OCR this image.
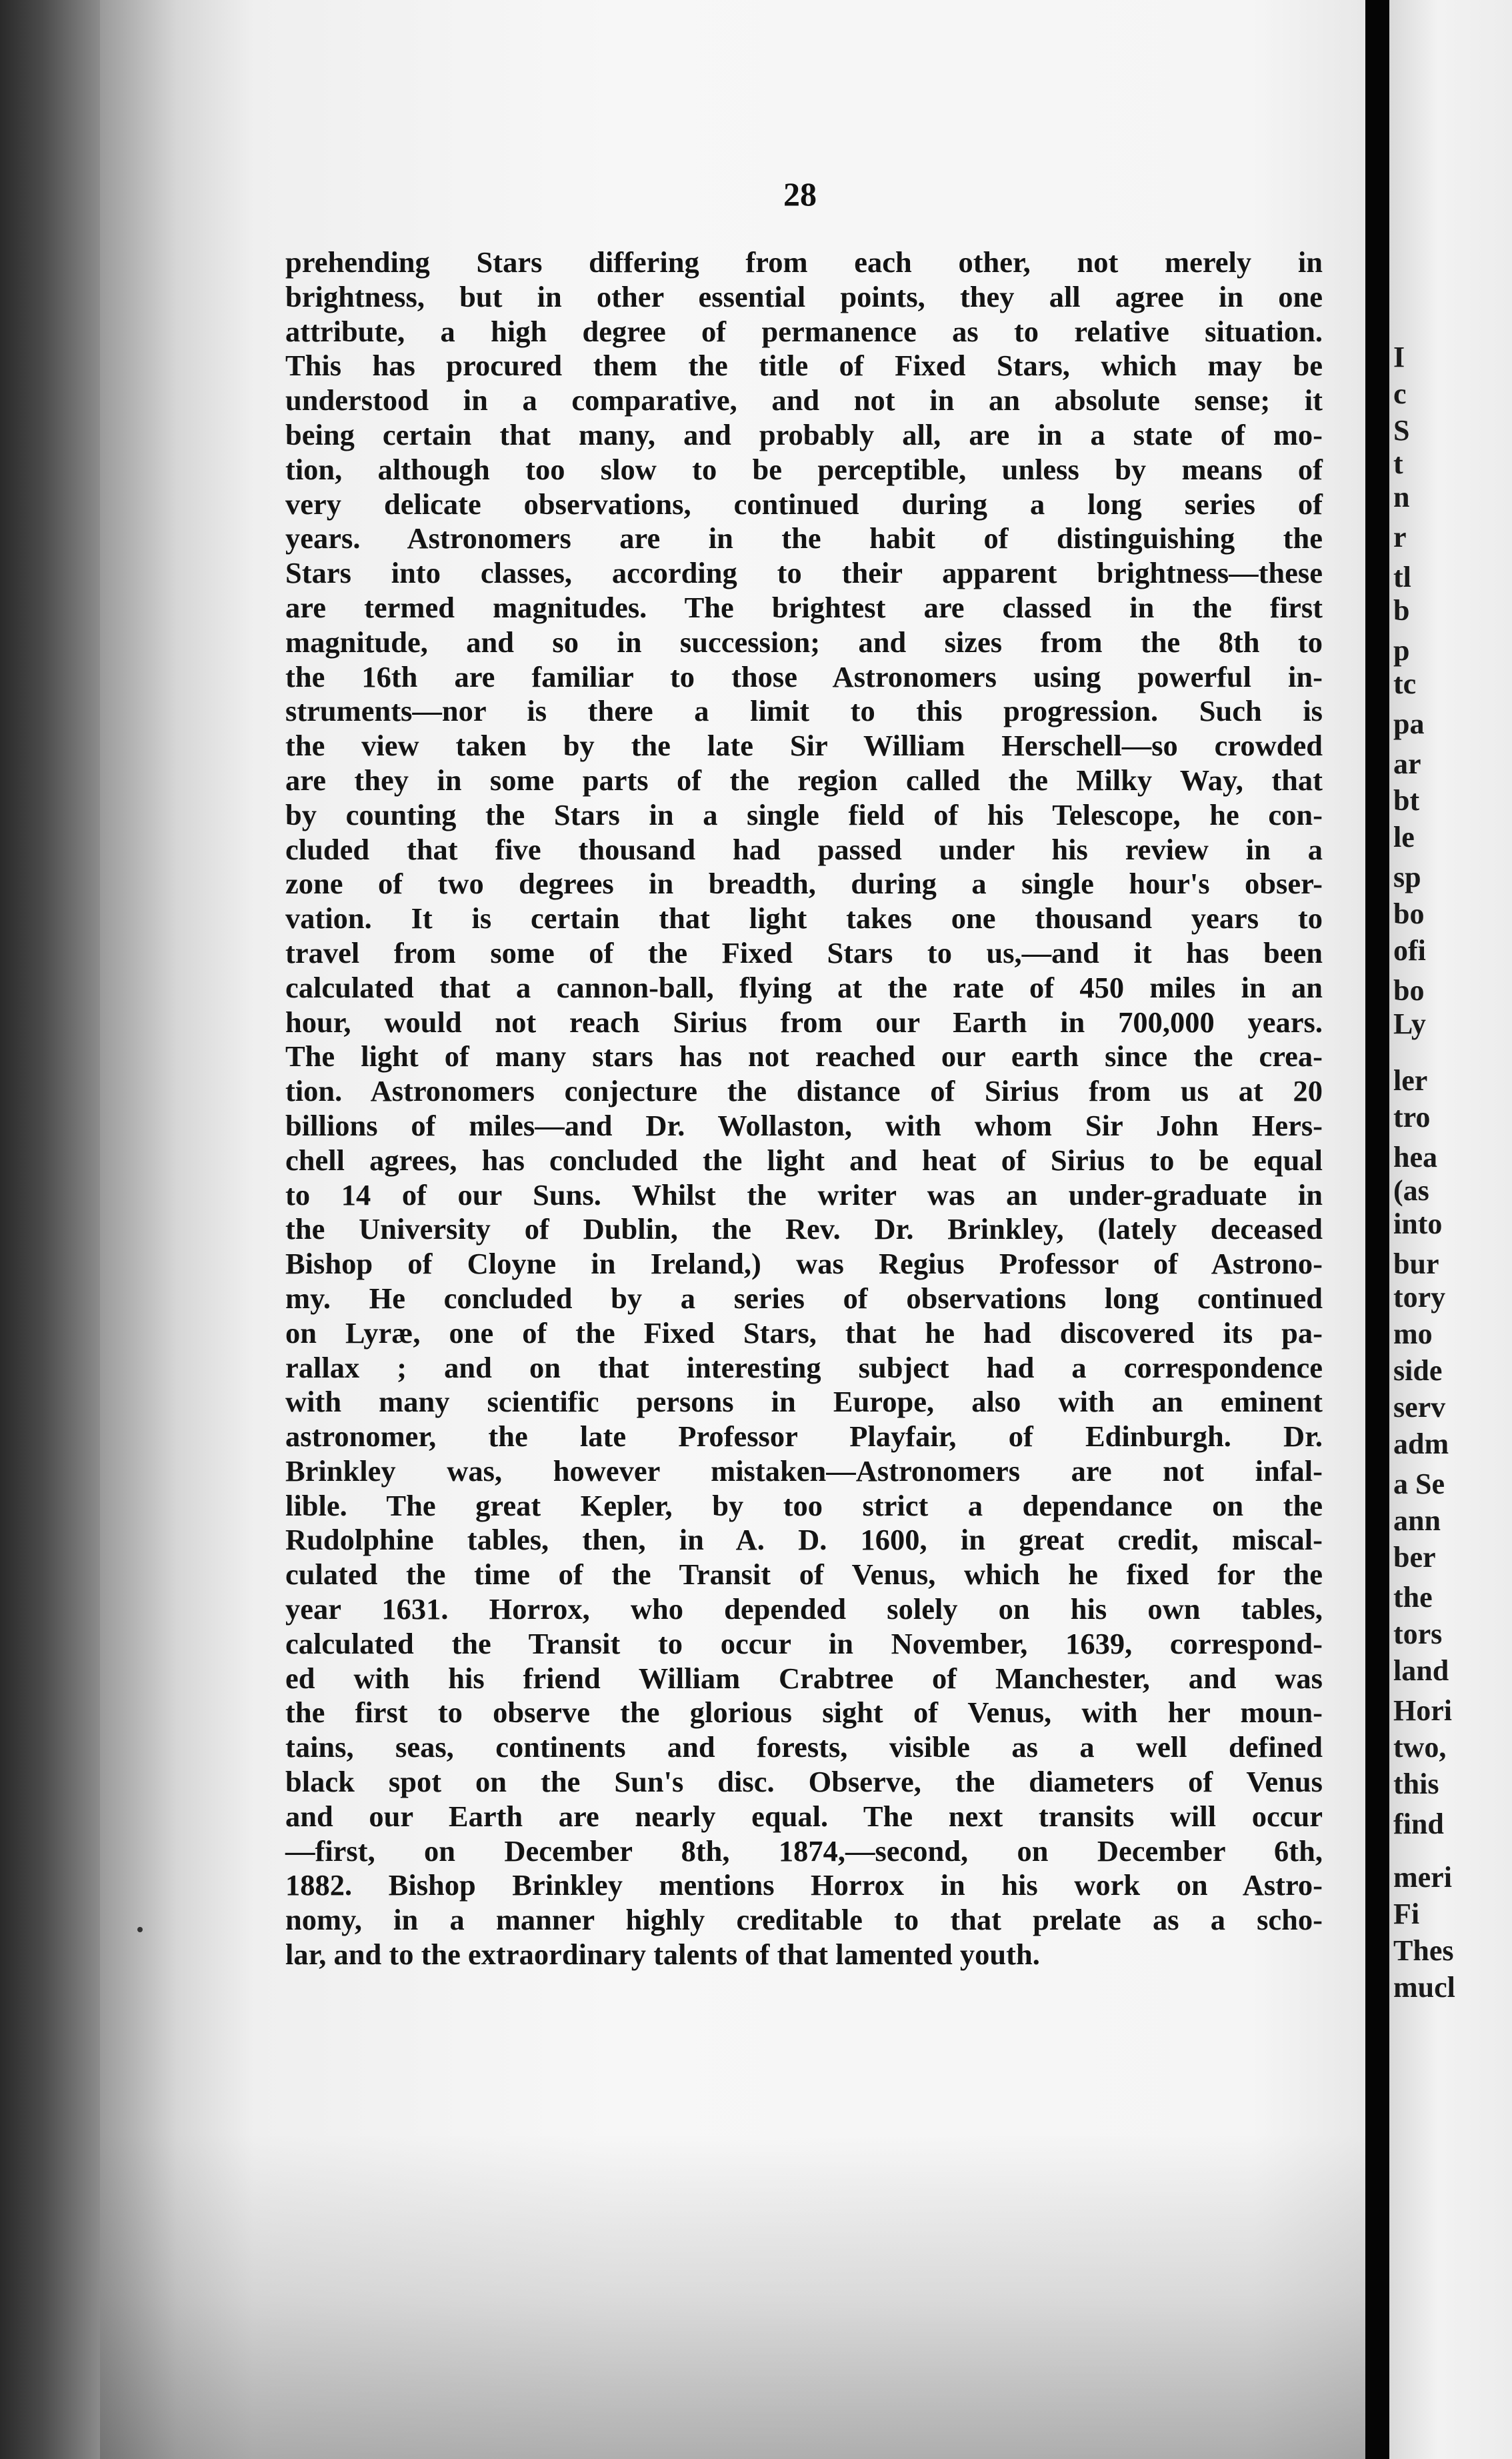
28
prehending Stars differing from each other, not merely in
brightness, but in other essential points, they all agree in one
attribute, a high degree of permanence as to relative situation.
This has procured them the title of Fixed Stars, which may be
understood in a comparative, and not in an absolute sense; it
being certain that many, and probably all, are in a state of mo-
tion, although too slow to be perceptible, unless by means of
very delicate observations, continued during a long series of
years. Astronomers are in the habit of distinguishing the
Stars into classes, according to their apparent brightness—these
are termed magnitudes. The brightest are classed in the first
magnitude, and so in succession; and sizes from the 8th to
the 16th are familiar to those Astronomers using powerful in-
struments—nor is there a limit to this progression. Such is
the view taken by the late Sir William Herschell—so crowded
are they in some parts of the region called the Milky Way, that
by counting the Stars in a single field of his Telescope, he con-
cluded that five thousand had passed under his review in a
zone of two degrees in breadth, during a single hour's obser-
vation. It is certain that light takes one thousand years to
travel from some of the Fixed Stars to us,—and it has been
calculated that a cannon-ball, flying at the rate of 450 miles in an
hour, would not reach Sirius from our Earth in 700,000 years.
The light of many stars has not reached our earth since the crea-
tion. Astronomers conjecture the distance of Sirius from us at 20
billions of miles—and Dr. Wollaston, with whom Sir John Hers-
chell agrees, has concluded the light and heat of Sirius to be equal
to 14 of our Suns. Whilst the writer was an under-graduate in
the University of Dublin, the Rev. Dr. Brinkley, (lately deceased
Bishop of Cloyne in Ireland,) was Regius Professor of Astrono-
my. He concluded by a series of observations long continued
on Lyræ, one of the Fixed Stars, that he had discovered its pa-
rallax ; and on that interesting subject had a correspondence
with many scientific persons in Europe, also with an eminent
astronomer, the late Professor Playfair, of Edinburgh. Dr.
Brinkley was, however mistaken—Astronomers are not infal-
lible. The great Kepler, by too strict a dependance on the
Rudolphine tables, then, in A. D. 1600, in great credit, miscal-
culated the time of the Transit of Venus, which he fixed for the
year 1631. Horrox, who depended solely on his own tables,
calculated the Transit to occur in November, 1639, correspond-
ed with his friend William Crabtree of Manchester, and was
the first to observe the glorious sight of Venus, with her moun-
tains, seas, continents and forests, visible as a well defined
black spot on the Sun's disc. Observe, the diameters of Venus
and our Earth are nearly equal. The next transits will occur
—first, on December 8th, 1874,—second, on December 6th,
1882. Bishop Brinkley mentions Horrox in his work on Astro-
nomy, in a manner highly creditable to that prelate as a scho-
lar, and to the extraordinary talents of that lamented youth.
I
c
S
t
n
r
tl
b
p
tc
pa
ar
bt
le
sp
bo
ofi
bo
Ly
ler
tro
hea
(as
into
bur
tory
mo
side
serv
adm
a Se
ann
ber
the
tors
land
Hori
two,
this
find
meri
Fi
Thes
mucl
